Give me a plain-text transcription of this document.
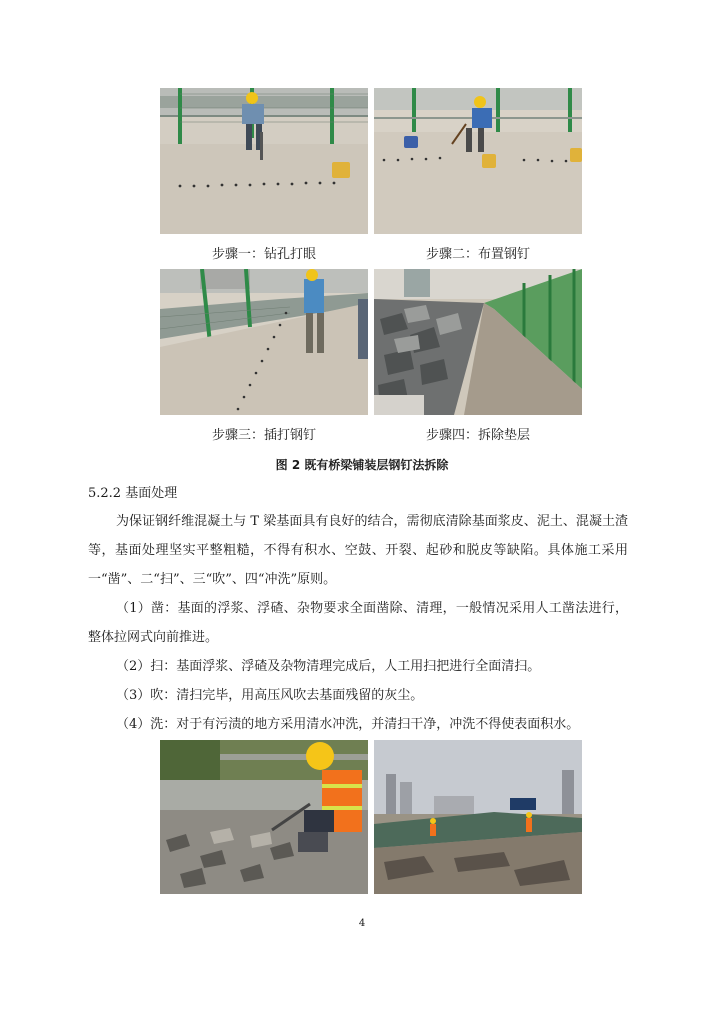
步骤一：钻孔打眼	步骤二：布置钢钉
步骤三：插打钢钉	步骤四：拆除垫层
图 2 既有桥梁铺装层钢钉法拆除
5.2.2 基面处理
为保证钢纤维混凝土与 T 梁基面具有良好的结合，需彻底清除基面浆皮、泥土、混凝土渣等，基面处理坚实平整粗糙，不得有积水、空鼓、开裂、起砂和脱皮等缺陷。具体施工采用一“凿”、二“扫”、三“吹”、四“冲洗”原则。
（1）凿：基面的浮浆、浮碴、杂物要求全面凿除、清理，一般情况采用人工凿法进行，整体拉网式向前推进。
（2）扫：基面浮浆、浮碴及杂物清理完成后，人工用扫把进行全面清扫。
（3）吹：清扫完毕，用高压风吹去基面残留的灰尘。
（4）洗：对于有污渍的地方采用清水冲洗，并清扫干净，冲洗不得使表面积水。
4
